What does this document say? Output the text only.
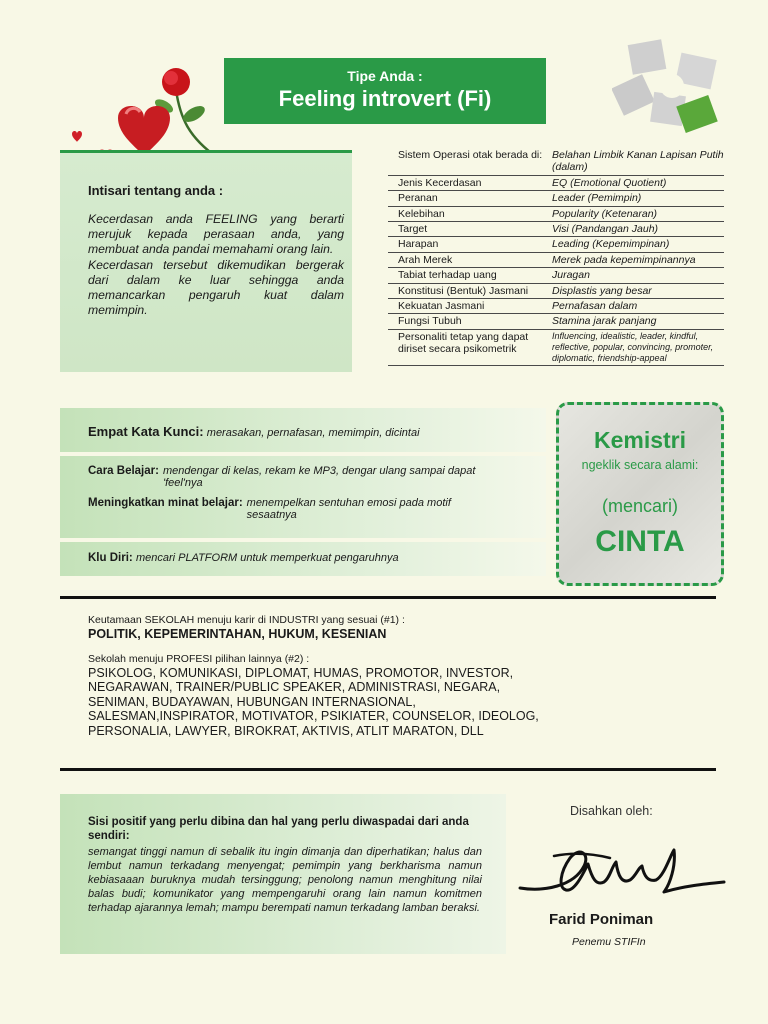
Tipe Anda :
Feeling introvert (Fi)
Intisari tentang anda :

Kecerdasan anda FEELING yang berarti merujuk kepada perasaan anda, yang membuat anda pandai memahami orang lain.

Kecerdasan tersebut dikemudikan bergerak dari dalam ke luar sehingga anda memancarkan pengaruh kuat dalam memimpin.

Sistem Operasi otak berada di:	Belahan Limbik Kanan Lapisan Putih (dalam)
Jenis Kecerdasan	EQ (Emotional Quotient)
Peranan	Leader (Pemimpin)
Kelebihan	Popularity (Ketenaran)
Target	Visi (Pandangan Jauh)
Harapan	Leading (Kepemimpinan)
Arah Merek	Merek pada kepemimpinannya
Tabiat terhadap uang	Juragan
Konstitusi (Bentuk) Jasmani	Displastis yang besar
Kekuatan Jasmani	Pernafasan dalam
Fungsi Tubuh	Stamina jarak panjang
Personaliti tetap yang dapat diriset secara psikometrik	Influencing, idealistic, leader, kindful, reflective, popular, convincing, promoter, diplomatic, friendship-appeal
Empat Kata Kunci: merasakan, pernafasan, memimpin, dicintai
Cara Belajar: mendengar di kelas, rekam ke MP3, dengar ulang sampai dapat 'feel'nya
Meningkatkan minat belajar: menempelkan sentuhan emosi pada motif sesaatnya
Klu Diri: mencari PLATFORM untuk memperkuat pengaruhnya
Kemistri
ngeklik secara alami:
(mencari)
CINTA
Keutamaan SEKOLAH menuju karir di INDUSTRI yang sesuai (#1) :
POLITIK, KEPEMERINTAHAN, HUKUM, KESENIAN
Sekolah menuju PROFESI pilihan lainnya (#2) :
PSIKOLOG, KOMUNIKASI, DIPLOMAT, HUMAS, PROMOTOR, INVESTOR, NEGARAWAN, TRAINER/PUBLIC SPEAKER, ADMINISTRASI, NEGARA, SENIMAN, BUDAYAWAN, HUBUNGAN INTERNASIONAL, SALESMAN,INSPIRATOR, MOTIVATOR, PSIKIATER, COUNSELOR, IDEOLOG, PERSONALIA, LAWYER, BIROKRAT, AKTIVIS, ATLIT MARATON, DLL
Sisi positif yang perlu dibina dan hal yang perlu diwaspadai dari anda sendiri:

semangat tinggi namun di sebalik itu ingin dimanja dan diperhatikan; halus dan lembut namun terkadang menyengat; pemimpin yang berkharisma namun kebiasaaan buruknya mudah tersinggung; penolong namun menghitung nilai balas budi; komunikator yang mempengaruhi orang lain namun komitmen terhadap ajarannya lemah; mampu berempati namun terkadang lamban beraksi.

Disahkan oleh:
Farid Poniman
Penemu STIFIn
